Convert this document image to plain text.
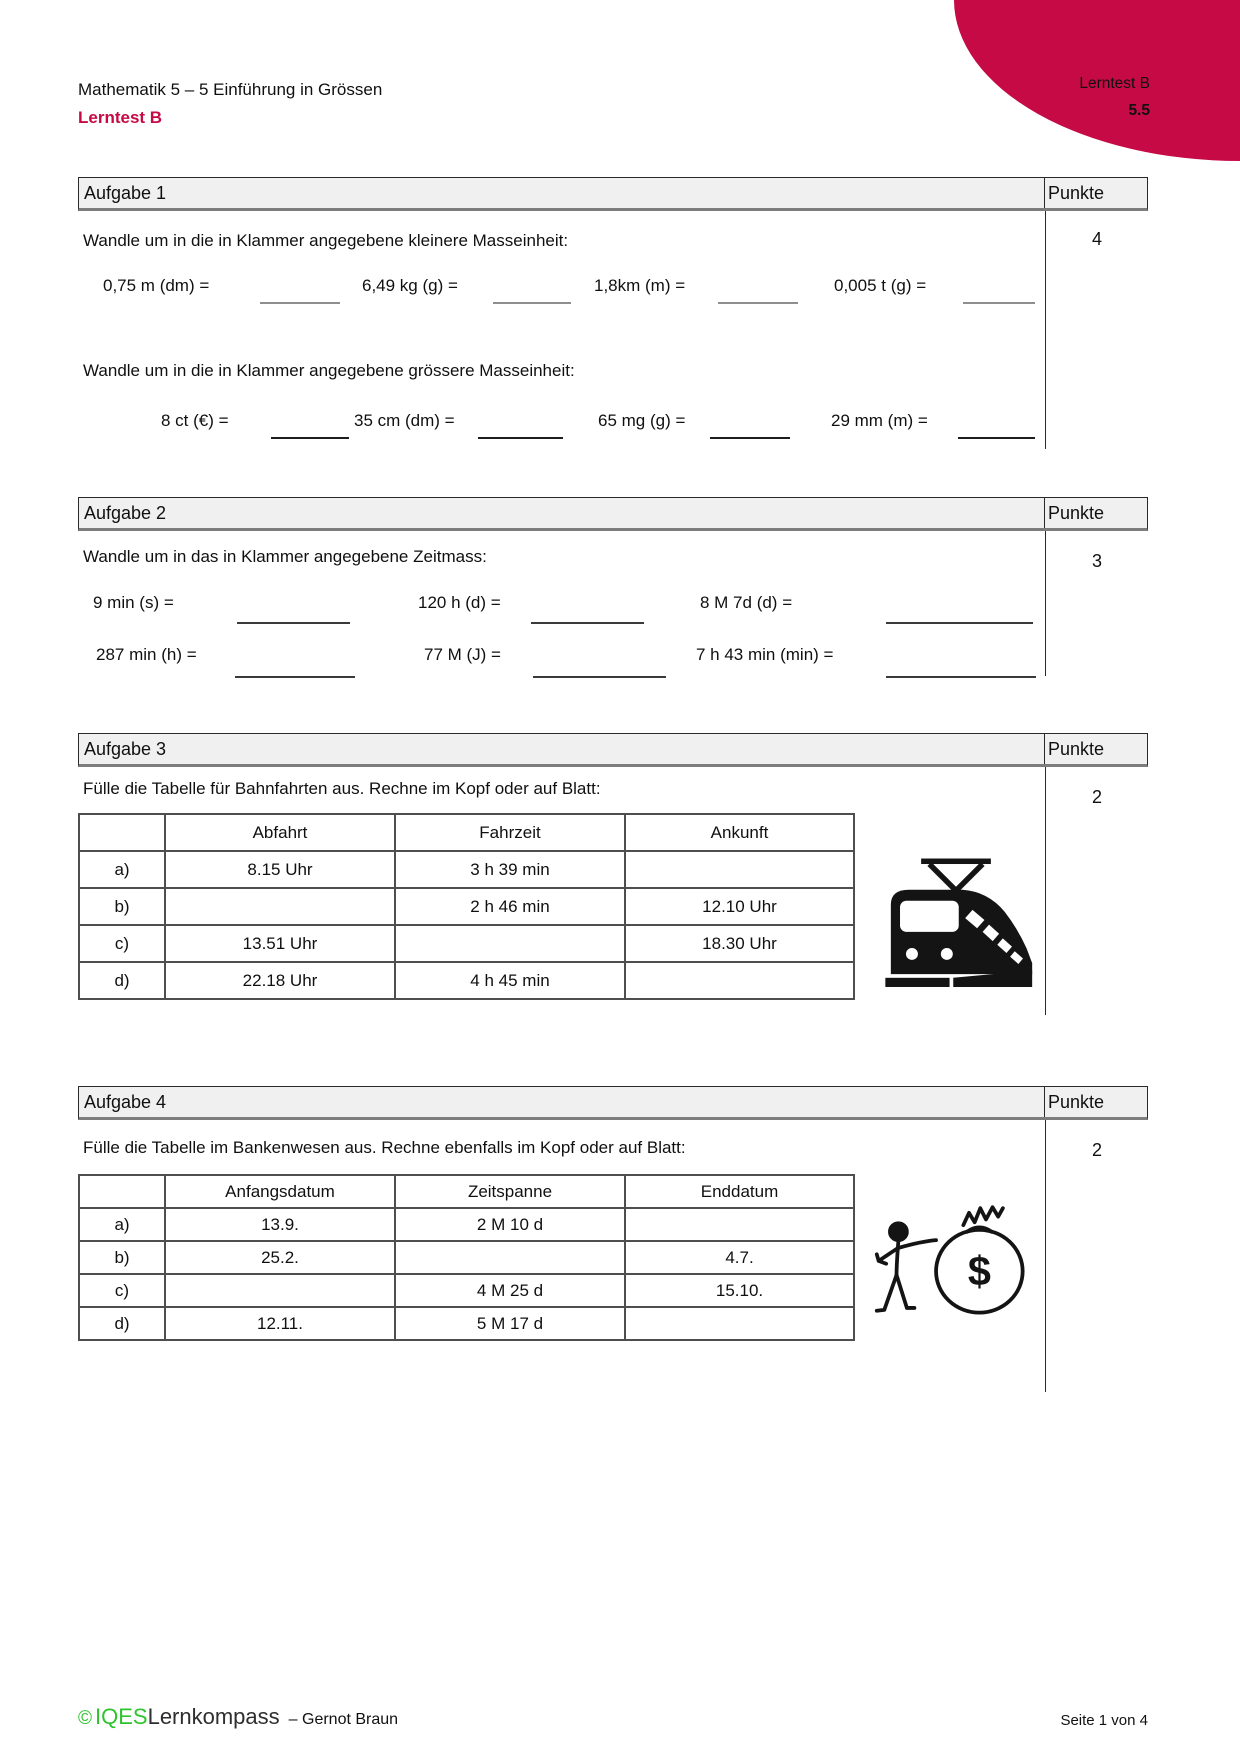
Lerntest B
5.5
Mathematik 5 – 5 Einführung in Grössen
Lerntest B
Aufgabe 1	Punkte

Wandle um in die in Klammer angegebene kleinere Masseinheit:

0,75 m (dm) =	6,49 kg (g) =	1,8km (m) =	0,005 t (g) =

Wandle um in die in Klammer angegebene grössere Masseinheit:

8 ct (€) =	35 cm (dm) =	65 mg (g) =	29 mm (m) =
4
Aufgabe 2	Punkte

Wandle um in das in Klammer angegebene Zeitmass:

9 min (s) =	120 h (d) =	8 M 7d (d) =
287 min (h) =	77 M (J) =	7 h 43 min (min) =
3
Aufgabe 3	Punkte

Fülle die Tabelle für Bahnfahrten aus. Rechne im Kopf oder auf Blatt:

	Abfahrt	Fahrzeit	Ankunft
a)	8.15 Uhr	3 h 39 min	
b)		2 h 46 min	12.10 Uhr
c)	13.51 Uhr		18.30 Uhr
d)	22.18 Uhr	4 h 45 min	
2
Aufgabe 4	Punkte

Fülle die Tabelle im Bankenwesen aus. Rechne ebenfalls im Kopf oder auf Blatt:

	Anfangsdatum	Zeitspanne	Enddatum
a)	13.9.	2 M 10 d	
b)	25.2.		4.7.
c)		4 M 25 d	15.10.
d)	12.11.	5 M 17 d	
$
2
© IQES Lernkompass – Gernot Braun	Seite 1 von 4
